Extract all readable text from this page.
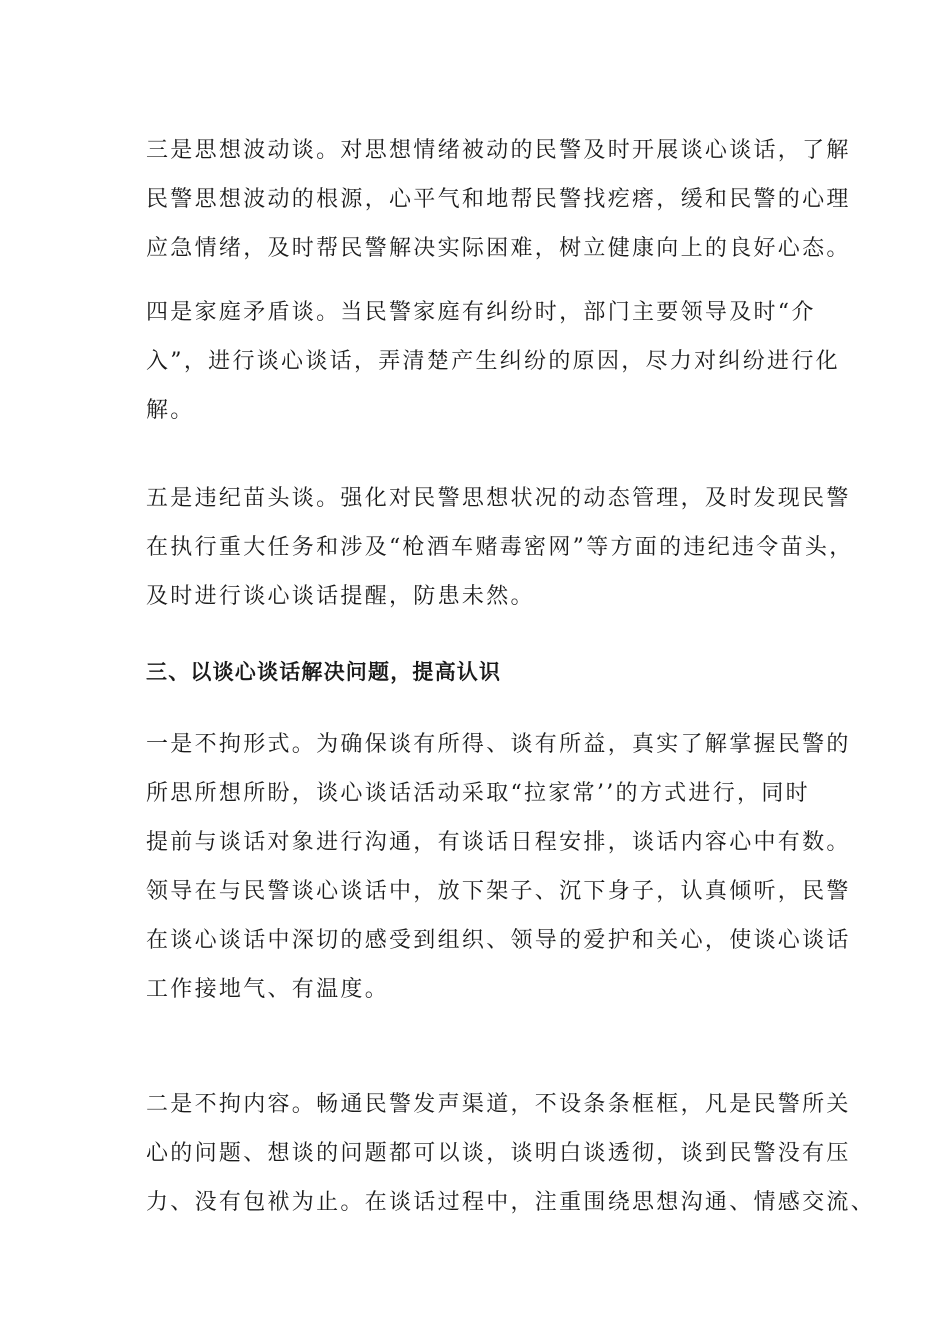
三是思想波动谈。对思想情绪被动的民警及时开展谈心谈话，了解
民警思想波动的根源，心平气和地帮民警找疙瘩，缓和民警的心理
应急情绪，及时帮民警解决实际困难，树立健康向上的良好心态。
四是家庭矛盾谈。当民警家庭有纠纷时，部门主要领导及时“介
入”，进行谈心谈话，弄清楚产生纠纷的原因，尽力对纠纷进行化
解。
五是违纪苗头谈。强化对民警思想状况的动态管理，及时发现民警
在执行重大任务和涉及“枪酒车赌毒密网”等方面的违纪违令苗头，
及时进行谈心谈话提醒，防患未然。
三、以谈心谈话解决问题，提高认识
一是不拘形式。为确保谈有所得、谈有所益，真实了解掌握民警的
所思所想所盼，谈心谈话活动采取“拉家常’’的方式进行，同时
提前与谈话对象进行沟通，有谈话日程安排，谈话内容心中有数。
领导在与民警谈心谈话中，放下架子、沉下身子，认真倾听，民警
在谈心谈话中深切的感受到组织、领导的爱护和关心，使谈心谈话
工作接地气、有温度。
二是不拘内容。畅通民警发声渠道，不设条条框框，凡是民警所关
心的问题、想谈的问题都可以谈，谈明白谈透彻，谈到民警没有压
力、没有包袱为止。在谈话过程中，注重围绕思想沟通、情感交流、
